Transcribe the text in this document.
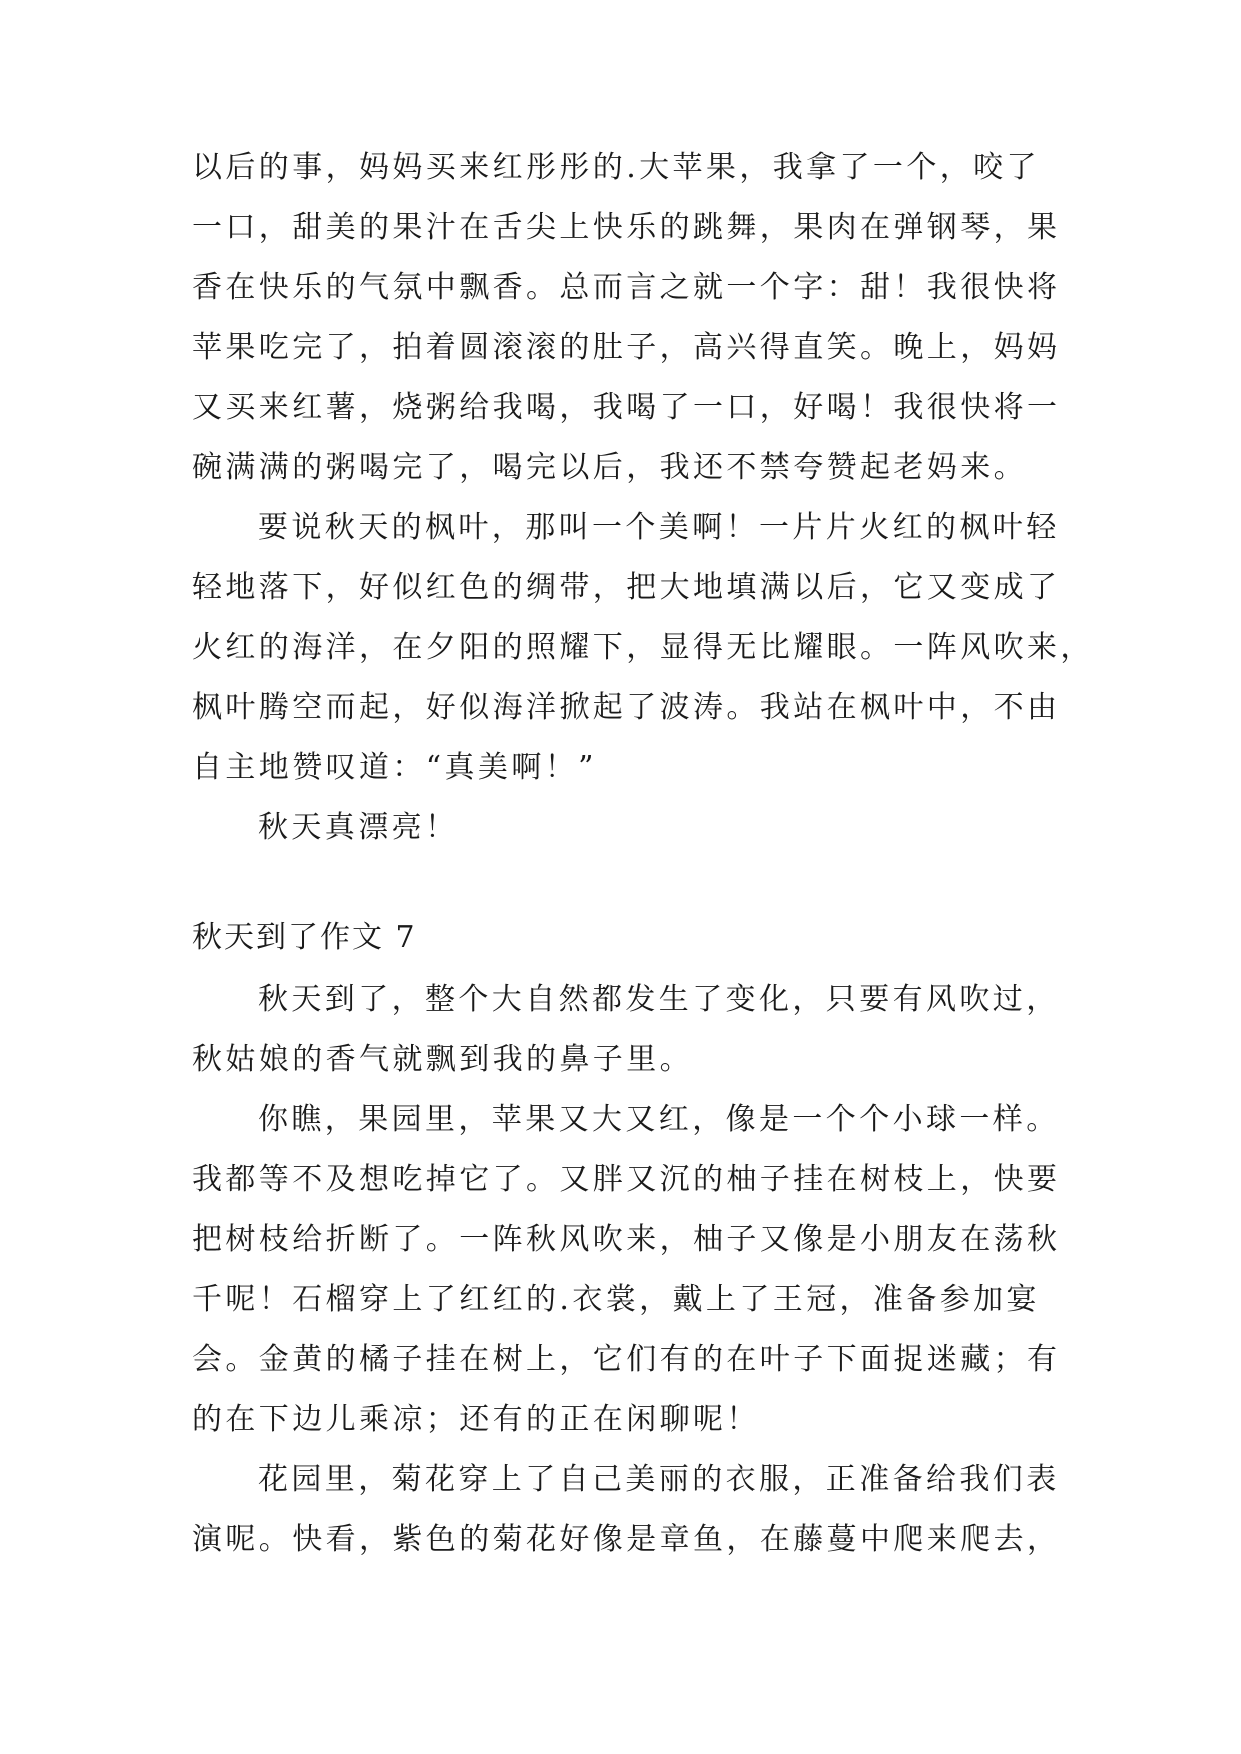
以后的事，妈妈买来红彤彤的.大苹果，我拿了一个，咬了
一口，甜美的果汁在舌尖上快乐的跳舞，果肉在弹钢琴，果
香在快乐的气氛中飘香。总而言之就一个字：甜！我很快将
苹果吃完了，拍着圆滚滚的肚子，高兴得直笑。晚上，妈妈
又买来红薯，烧粥给我喝，我喝了一口，好喝！我很快将一
碗满满的粥喝完了，喝完以后，我还不禁夸赞起老妈来。
要说秋天的枫叶，那叫一个美啊！一片片火红的枫叶轻
轻地落下，好似红色的绸带，把大地填满以后，它又变成了
火红的海洋，在夕阳的照耀下，显得无比耀眼。一阵风吹来，
枫叶腾空而起，好似海洋掀起了波涛。我站在枫叶中，不由
自主地赞叹道：“真美啊！”
秋天真漂亮！
秋天到了作文 7
秋天到了，整个大自然都发生了变化，只要有风吹过，
秋姑娘的香气就飘到我的鼻子里。
你瞧，果园里，苹果又大又红，像是一个个小球一样。
我都等不及想吃掉它了。又胖又沉的柚子挂在树枝上，快要
把树枝给折断了。一阵秋风吹来，柚子又像是小朋友在荡秋
千呢！石榴穿上了红红的.衣裳，戴上了王冠，准备参加宴
会。金黄的橘子挂在树上，它们有的在叶子下面捉迷藏；有
的在下边儿乘凉；还有的正在闲聊呢！
花园里，菊花穿上了自己美丽的衣服，正准备给我们表
演呢。快看，紫色的菊花好像是章鱼，在藤蔓中爬来爬去，
